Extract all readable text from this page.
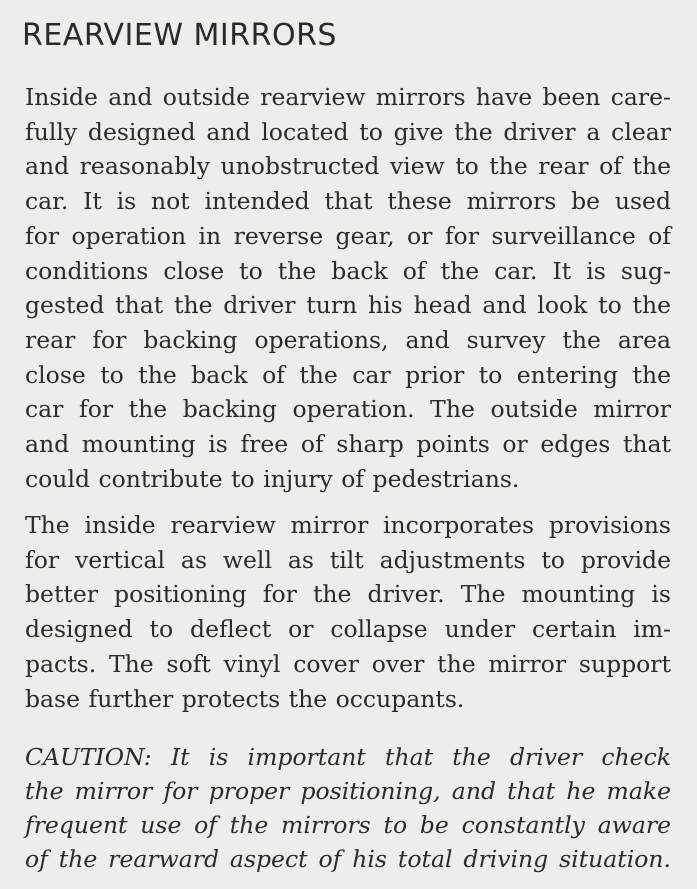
REARVIEW MIRRORS

Inside and outside rearview mirrors have been care-
fully designed and located to give the driver a clear
and reasonably unobstructed view to the rear of the
car. It is not intended that these mirrors be used
for operation in reverse gear, or for surveillance of
conditions close to the back of the car. It is sug-
gested that the driver turn his head and look to the
rear for backing operations, and survey the area
close to the back of the car prior to entering the
car for the backing operation. The outside mirror
and mounting is free of sharp points or edges that
could contribute to injury of pedestrians.

The inside rearview mirror incorporates provisions
for vertical as well as tilt adjustments to provide
better positioning for the driver. The mounting is
designed to deflect or collapse under certain im-
pacts. The soft vinyl cover over the mirror support
base further protects the occupants.

CAUTION: It is important that the driver check
the mirror for proper positioning, and that he make
frequent use of the mirrors to be constantly aware
of the rearward aspect of his total driving situation.
